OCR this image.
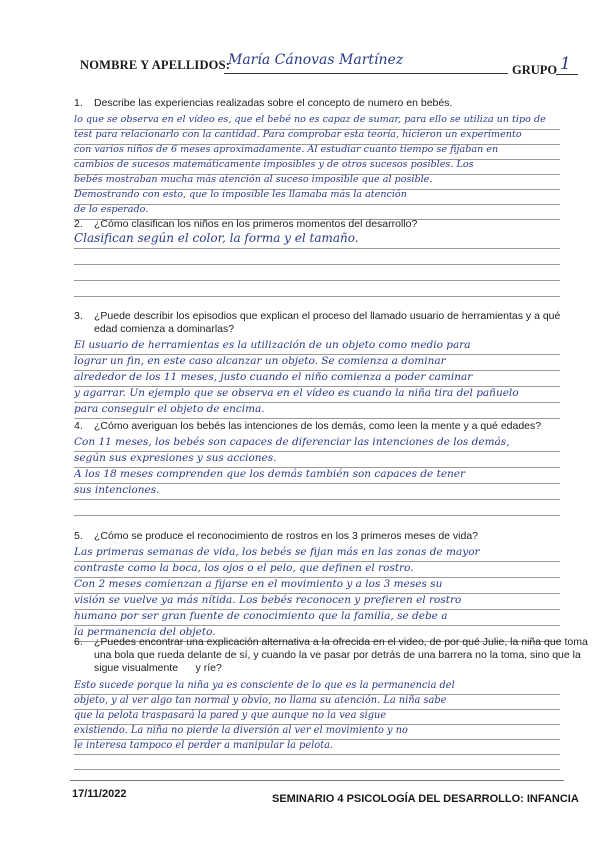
NOMBRE Y APELLIDOS:
María Cánovas Martínez
GRUPO 1
1. Describe las experiencias realizadas sobre el concepto de numero en bebés.
lo que se observa en el vídeo es, que el bebé no es capaz de sumar, para ello se utiliza un tipo de
test para relacionarlo con la cantidad. Para comprobar esta teoría, hicieron un experimento
con varios niños de 6 meses aproximadamente. Al estudiar cuanto tiempo se fijaban en
cambios de sucesos matemáticamente imposibles y de otros sucesos posibles. Los
bebés mostraban mucha más atención al suceso imposible que al posible.
Demostrando con esto, que lo imposible les llamaba más la atención
de lo esperado.
2. ¿Cómo clasifican los niños en los primeros momentos del desarrollo?
Clasifican según el color, la forma y el tamaño.
3. ¿Puede describir los episodios que explican el proceso del llamado usuario de herramientas y a qué
edad comienza a dominarlas?
El usuario de herramientas es la utilización de un objeto como medio para
lograr un fin, en este caso alcanzar un objeto. Se comienza a dominar
alrededor de los 11 meses, justo cuando el niño comienza a poder caminar
y agarrar. Un ejemplo que se observa en el vídeo es cuando la niña tira del pañuelo
para conseguir el objeto de encima.
4. ¿Cómo averiguan los bebés las intenciones de los demás, como leen la mente y a qué edades?
Con 11 meses, los bebés son capaces de diferenciar las intenciones de los demás,
según sus expresiones y sus acciones.
A los 18 meses comprenden que los demás también son capaces de tener
sus intenciones.
5. ¿Cómo se produce el reconocimiento de rostros en los 3 primeros meses de vida?
Las primeras semanas de vida, los bebés se fijan más en las zonas de mayor
contraste como la boca, los ojos o el pelo, que definen el rostro.
Con 2 meses comienzan a fijarse en el movimiento y a los 3 meses su
visión se vuelve ya más nítida. Los bebés reconocen y prefieren el rostro
humano por ser gran fuente de conocimiento que la familia, se debe a
la permanencia del objeto.
6. ¿Puedes encontrar una explicación alternativa a la ofrecida en el video, de por qué Julie, la niña que toma
una bola que rueda delante de sí, y cuando la ve pasar por detrás de una barrera no la toma, sino que la
sigue visualmente      y ríe?
Esto sucede porque la niña ya es consciente de lo que es la permanencia del
objeto, y al ver algo tan normal y obvio, no llama su atención. La niña sabe
que la pelota traspasará la pared y que aunque no la vea sigue
existiendo. La niña no pierde la diversión al ver el movimiento y no
le interesa tampoco el perder a manipular la pelota.
17/11/2022	SEMINARIO 4 PSICOLOGÍA DEL DESARROLLO: INFANCIA
